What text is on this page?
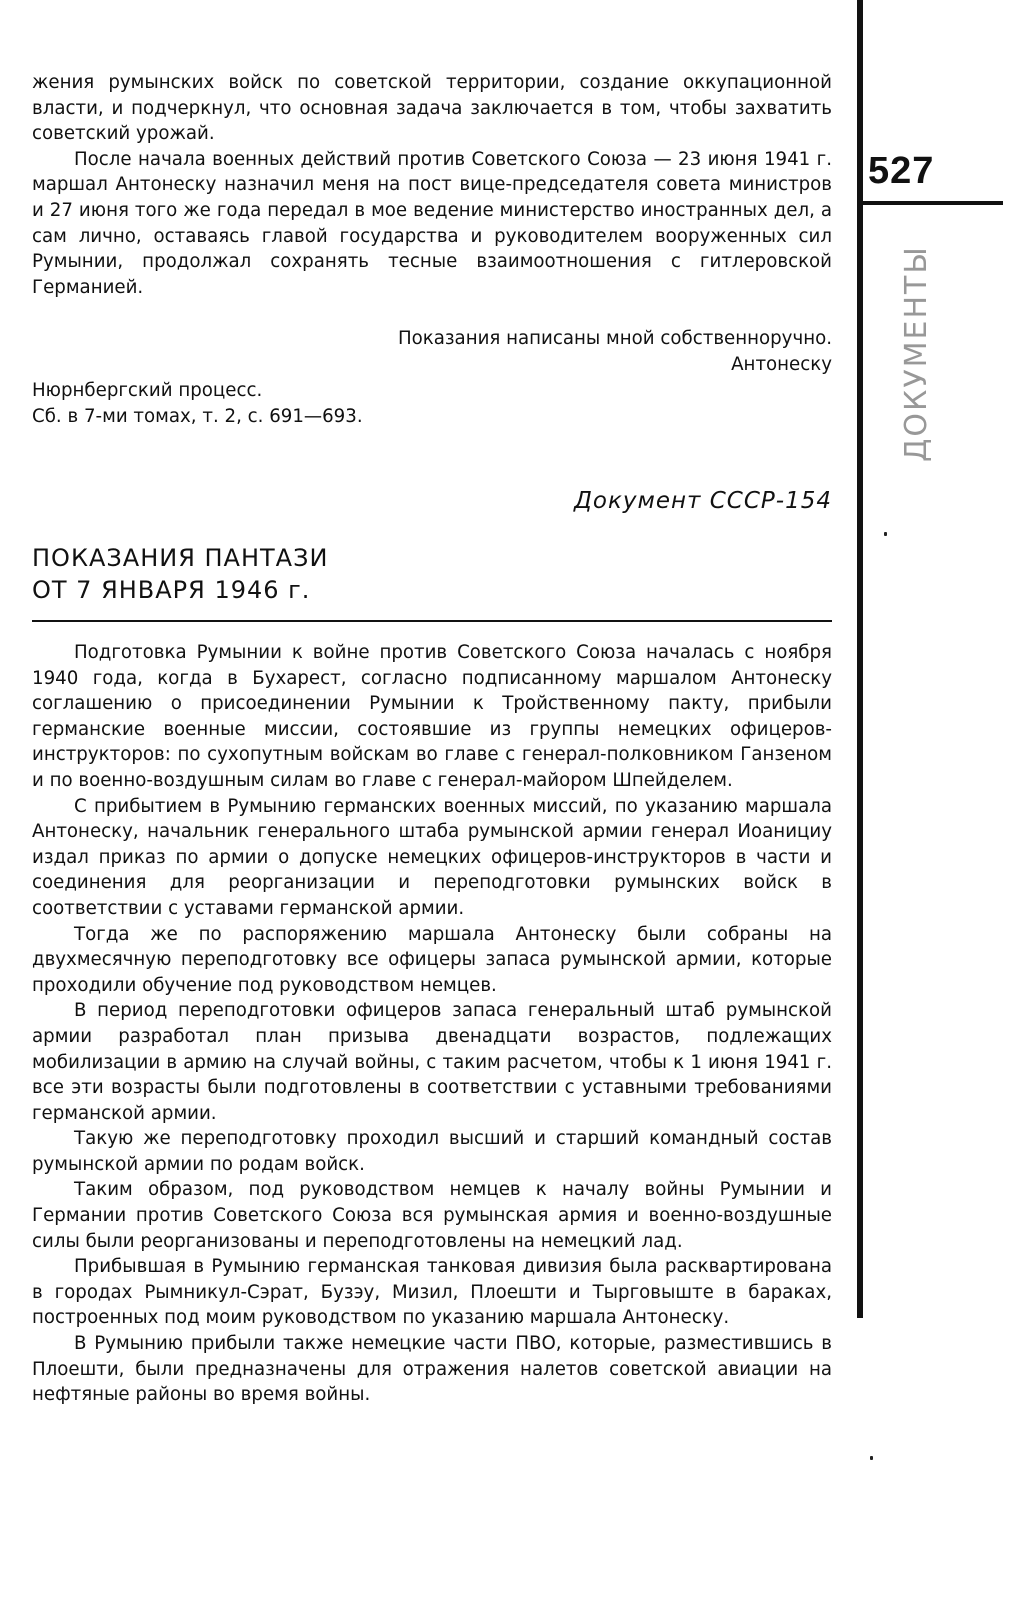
527
ДОКУМЕНТЫ

жения румынских войск по советской территории, создание оккупационной власти, и подчеркнул, что основная задача заключается в том, чтобы захватить советский урожай.

После начала военных действий против Советского Союза — 23 июня 1941 г. маршал Антонеску назначил меня на пост вице-председателя совета министров и 27 июня того же года передал в мое ведение министерство иностранных дел, а сам лично, оставаясь главой государства и руководителем вооруженных сил Румынии, продолжал сохранять тесные взаимоотношения с гитлеровской Германией.

Показания написаны мной собственноручно.
Антонеску
Нюрнбергский процесс.
Сб. в 7-ми томах, т. 2, с. 691—693.
Документ СССР-154
ПОКАЗАНИЯ ПАНТАЗИ
ОТ 7 ЯНВАРЯ 1946 г.

Подготовка Румынии к войне против Советского Союза началась с ноября 1940 года, когда в Бухарест, согласно подписанному маршалом Антонеску соглашению о присоединении Румынии к Тройственному пакту, прибыли германские военные миссии, состоявшие из группы немецких офицеров-инструкторов: по сухопутным войскам во главе с генерал-полковником Ганзеном и по военно-воздушным силам во главе с генерал-майором Шпейделем.

С прибытием в Румынию германских военных миссий, по указанию маршала Антонеску, начальник генерального штаба румынской армии генерал Иоанициу издал приказ по армии о допуске немецких офицеров-инструкторов в части и соединения для реорганизации и переподготовки румынских войск в соответствии с уставами германской армии.

Тогда же по распоряжению маршала Антонеску были собраны на двухмесячную переподготовку все офицеры запаса румынской армии, которые проходили обучение под руководством немцев.

В период переподготовки офицеров запаса генеральный штаб румынской армии разработал план призыва двенадцати возрастов, подлежащих мобилизации в армию на случай войны, с таким расчетом, чтобы к 1 июня 1941 г. все эти возрасты были подготовлены в соответствии с уставными требованиями германской армии.

Такую же переподготовку проходил высший и старший командный состав румынской армии по родам войск.

Таким образом, под руководством немцев к началу войны Румынии и Германии против Советского Союза вся румынская армия и военно-воздушные силы были реорганизованы и переподготовлены на немецкий лад.

Прибывшая в Румынию германская танковая дивизия была расквартирована в городах Рымникул-Сэрат, Бузэу, Мизил, Плоешти и Тырговыште в бараках, построенных под моим руководством по указанию маршала Антонеску.

В Румынию прибыли также немецкие части ПВО, которые, разместившись в Плоешти, были предназначены для отражения налетов советской авиации на нефтяные районы во время войны.
